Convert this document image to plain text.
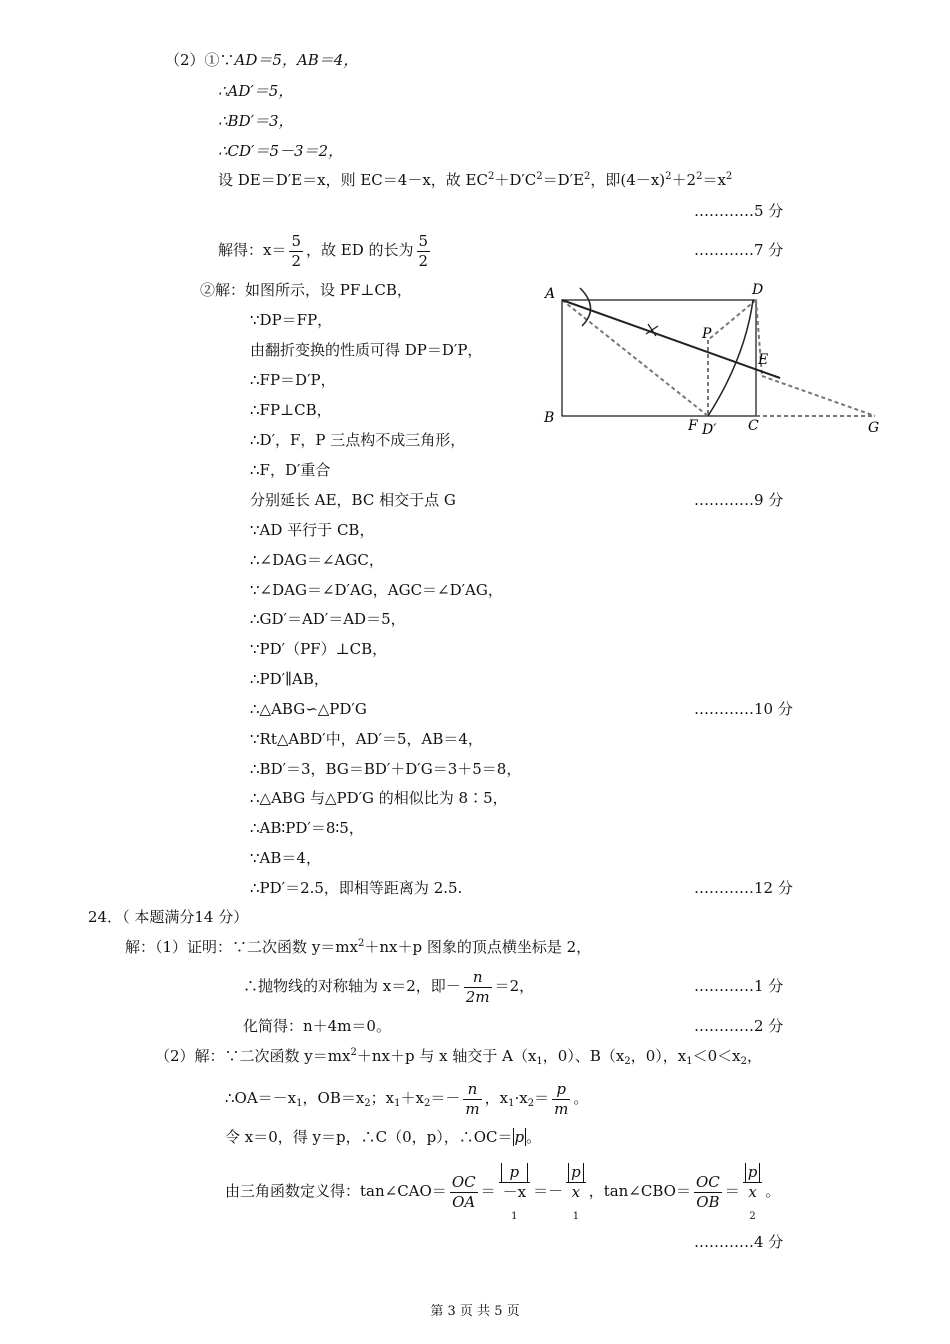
（2）①∵AD＝5，AB＝4，
∴AD′＝5，
∴BD′＝3，
∴CD′＝5－3＝2，
设 DE＝D′E＝x，则 EC＝4－x，故 $EC^2+D'C^2=D'E^2$，即$(4-x)^2+2^2=x^2$
…………5 分
解得：$x= \frac{5}{2}$ ，故 ED 的长为 $\frac{5}{2}$	…………7 分
②解：如图所示，设 PF⊥CB，
∵DP＝FP，
由翻折变换的性质可得 DP＝D′P，
∴FP＝D′P，
∴FP⊥CB，
∴D′，F，P 三点构不成三角形，
∴F，D′重合
分别延长 AE，BC 相交于点 G	…………9 分
∵AD 平行于 CB，
∴∠DAG＝∠AGC，
∵∠DAG＝∠D′AG，AGC＝∠D′AG，
∴GD′＝AD′＝AD＝5，
∵PD′（PF）⊥CB，
∴PD′∥AB，
∴△ABG∽△PD′G	…………10 分
∵Rt△ABD′中，AD′＝5，AB＝4，
∴BD′＝3，BG＝BD′＋D′G＝3＋5＝8，
∴△ABG 与△PD′G 的相似比为 8∶5，
∴AB∶PD′＝8∶5，
∵AB＝4，
∴PD′＝2.5，即相等距离为 2.5.	…………12 分
A	D
P
E
B	F D′ C	G
24．（ 本题满分14 分）
解：（1）证明：∵二次函数 $y=mx^2+nx+p$ 图象的顶点横坐标是 2，
∴抛物线的对称轴为 x＝2，即－ $\frac{n}{2m} =2$，	…………1 分
化简得：n＋4m＝0。	…………2 分
（2）解：∵二次函数 $y=mx^2+nx+p$ 与 x 轴交于 $A(x_1$，0）、$B(x_2$，0），$x_1<0<x_2$，
$\therefore OA=-x_1$，$OB=x_2$；$x_1+x_2=- \frac{n}{m}$ ，$x_1\cdot x_2= \frac{p}{m}$ 。
令 x＝0，得 y＝p，∴C（0，p），∴OC＝ p 。
由三角函数定义得：tan∠CAO＝ $\frac{OC}{OA} = p$
－x
$_1$ ＝－ p
x
$_1$ ，tan∠CBO＝ $\frac{OC}{OB} = p$
x
$_2$ 。
…………4 分
第 3 页 共 5 页
